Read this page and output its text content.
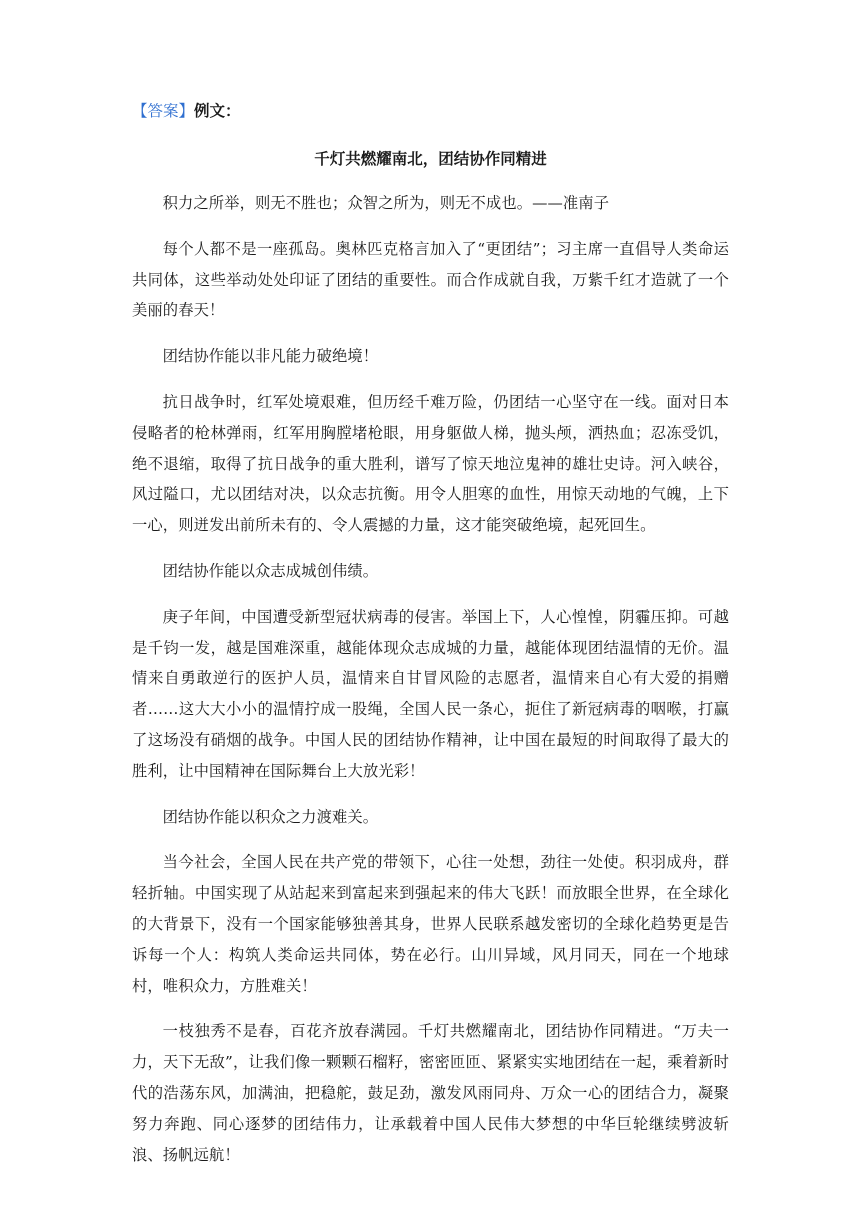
【答案】例文：

千灯共燃耀南北，团结协作同精进

积力之所举，则无不胜也；众智之所为，则无不成也。——准南子

每个人都不是一座孤岛。奥林匹克格言加入了“更团结”；习主席一直倡导人类命运共同体，这些举动处处印证了团结的重要性。而合作成就自我，万紫千红才造就了一个美丽的春天！

团结协作能以非凡能力破绝境！

抗日战争时，红军处境艰难，但历经千难万险，仍团结一心坚守在一线。面对日本侵略者的枪林弹雨，红军用胸膛堵枪眼，用身躯做人梯，抛头颅，洒热血；忍冻受饥，绝不退缩，取得了抗日战争的重大胜利，谱写了惊天地泣鬼神的雄壮史诗。河入峡谷，风过隘口，尤以团结对决，以众志抗衡。用令人胆寒的血性，用惊天动地的气魄，上下一心，则迸发出前所未有的、令人震撼的力量，这才能突破绝境，起死回生。

团结协作能以众志成城创伟绩。

庚子年间，中国遭受新型冠状病毒的侵害。举国上下，人心惶惶，阴霾压抑。可越是千钧一发，越是国难深重，越能体现众志成城的力量，越能体现团结温情的无价。温情来自勇敢逆行的医护人员，温情来自甘冒风险的志愿者，温情来自心有大爱的捐赠者……这大大小小的温情拧成一股绳，全国人民一条心，扼住了新冠病毒的咽喉，打赢了这场没有硝烟的战争。中国人民的团结协作精神，让中国在最短的时间取得了最大的胜利，让中国精神在国际舞台上大放光彩！

团结协作能以积众之力渡难关。

当今社会，全国人民在共产党的带领下，心往一处想，劲往一处使。积羽成舟，群轻折轴。中国实现了从站起来到富起来到强起来的伟大飞跃！而放眼全世界，在全球化的大背景下，没有一个国家能够独善其身，世界人民联系越发密切的全球化趋势更是告诉每一个人：构筑人类命运共同体，势在必行。山川异域，风月同天，同在一个地球村，唯积众力，方胜难关！

一枝独秀不是春，百花齐放春满园。千灯共燃耀南北，团结协作同精进。“万夫一力，天下无敌”，让我们像一颗颗石榴籽，密密匝匝、紧紧实实地团结在一起，乘着新时代的浩荡东风，加满油，把稳舵，鼓足劲，激发风雨同舟、万众一心的团结合力，凝聚努力奔跑、同心逐梦的团结伟力，让承载着中国人民伟大梦想的中华巨轮继续劈波斩浪、扬帆远航！
